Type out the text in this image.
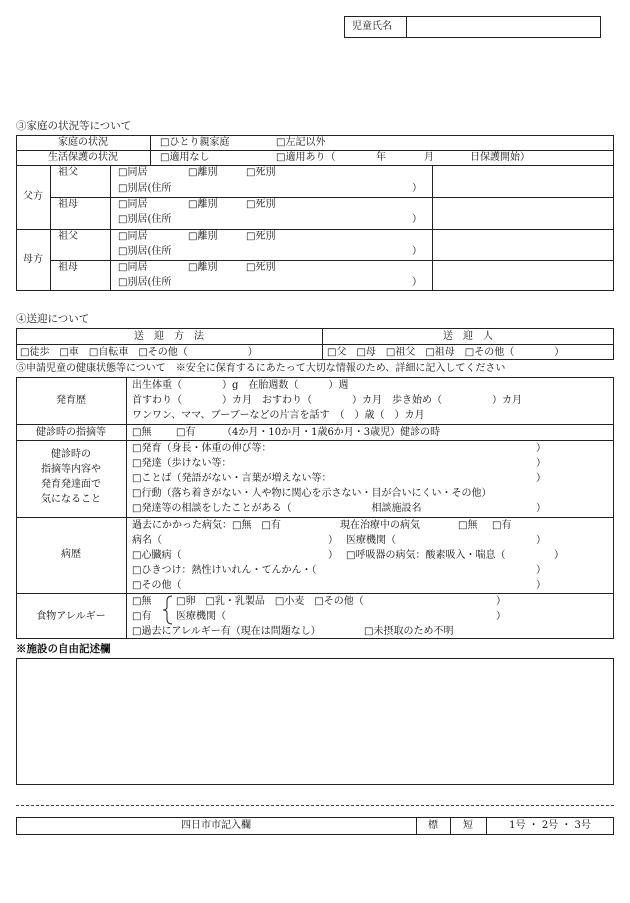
児童氏名
③家庭の状況等について
家庭の状況	□ひとり親家庭	□左記以外
生活保護の状況	□適用なし	□適用あり（	年	月	日保護開始）
父方
祖父	□同居	□離別	□死別
□別居(住所	）
祖母	□同居	□離別	□死別
□別居(住所	）
母方
祖父	□同居	□離別	□死別
□別居(住所	）
祖母	□同居	□離別	□死別
□別居(住所	）
④送迎について
送　迎　方　法	送　迎　人
□徒歩　□車　□自転車　□その他（　　　　　　）	□父　□母　□祖父　□祖母　□その他（　　　　）
⑤申請児童の健康状態等について　※安全に保育するにあたって大切な情報のため、詳細に記入してください
発育歴
出生体重（　　　　）g　在胎週数（　　　）週
首すわり（　　　　）カ月　おすわり（　　　　）カ月　歩き始め（　　　　　）カ月
ワンワン、ママ、ブーブーなどの片言を話す　（　）歳（　）カ月
健診時の指摘等	□無 □有	（4か月・10か月・1歳6か月・3歳児）健診の時
健診時の
指摘等内容や
発育発達面で
気になること
□発育（身長・体重の伸び等：	）
□発達（歩けない等：	）
□ことば（発語がない・言葉が増えない等：	）
□行動（落ち着きがない・人や物に関心を示さない・目が合いにくい・その他）
□発達等の相談をしたことがある（　　　　　　　　相談施設名	）
病歴
過去にかかった病気：□無　□有	現在治療中の病気	□無 □有
病名（	） 医療機関（	）
□心臓病（	） □呼吸器の病気：酸素吸入・喘息（	）
□ひきつけ：熱性けいれん・てんかん・（	）
□その他（	）
食物アレルギー
□無
□有
□卵　□乳・乳製品　□小麦　□その他（	）
医療機関（	）
□過去にアレルギー有（現在は問題なし）	□未摂取のため不明
※施設の自由記述欄
四日市市記入欄	標	短	1号 ・ 2号 ・ 3号
